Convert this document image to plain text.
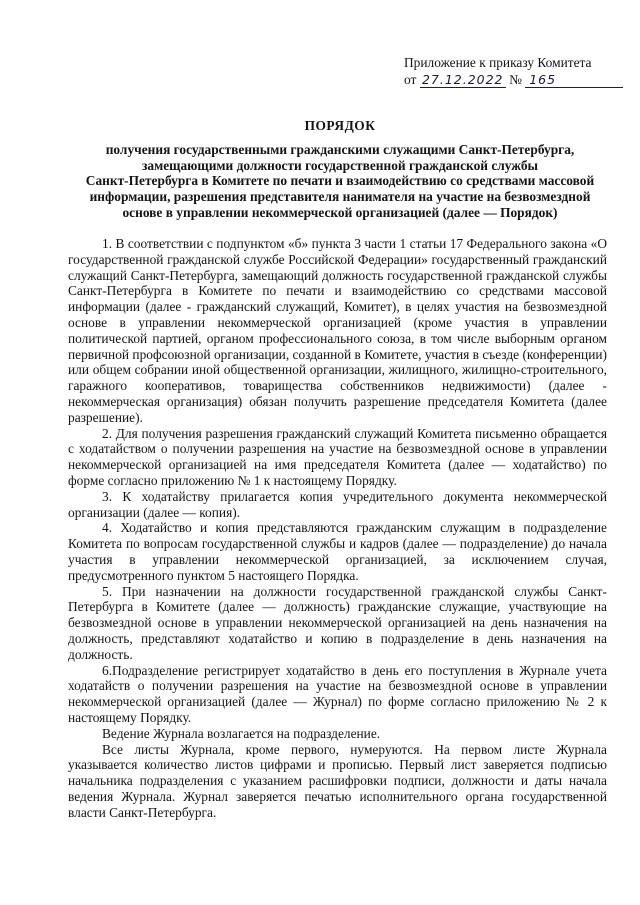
Приложение к приказу Комитета
от 27.12.2022 № 165
ПОРЯДОК
получения государственными гражданскими служащими Санкт-Петербурга,
замещающими должности государственной гражданской службы
Санкт-Петербурга в Комитете по печати и взаимодействию со средствами массовой
информации, разрешения представителя нанимателя на участие на безвозмездной
основе в управлении некоммерческой организацией (далее — Порядок)

1. В соответствии с подпунктом «б» пункта 3 части 1 статьи 17 Федерального закона «О государственной гражданской службе Российской Федерации» государственный гражданский служащий Санкт-Петербурга, замещающий должность государственной гражданской службы Санкт-Петербурга в Комитете по печати и взаимодействию со средствами массовой информации (далее - гражданский служащий, Комитет), в целях участия на безвозмездной основе в управлении некоммерческой организацией (кроме участия в управлении политической партией, органом профессионального союза, в том числе выборным органом первичной профсоюзной организации, созданной в Комитете, участия в съезде (конференции) или общем собрании иной общественной организации, жилищного, жилищно-строительного, гаражного кооперативов, товарищества собственников недвижимости) (далее - некоммерческая организация) обязан получить разрешение председателя Комитета (далее разрешение).

2. Для получения разрешения гражданский служащий Комитета письменно обращается с ходатайством о получении разрешения на участие на безвозмездной основе в управлении некоммерческой организацией на имя председателя Комитета (далее — ходатайство) по форме согласно приложению № 1 к настоящему Порядку.

3. К ходатайству прилагается копия учредительного документа некоммерческой организации (далее — копия).

4. Ходатайство и копия представляются гражданским служащим в подразделение Комитета по вопросам государственной службы и кадров (далее — подразделение) до начала участия в управлении некоммерческой организацией, за исключением случая, предусмотренного пунктом 5 настоящего Порядка.

5. При назначении на должности государственной гражданской службы Санкт-Петербурга в Комитете (далее — должность) гражданские служащие, участвующие на безвозмездной основе в управлении некоммерческой организацией на день назначения на должность, представляют ходатайство и копию в подразделение в день назначения на должность.

6.Подразделение регистрирует ходатайство в день его поступления в Журнале учета ходатайств о получении разрешения на участие на безвозмездной основе в управлении некоммерческой организацией (далее — Журнал) по форме согласно приложению № 2 к настоящему Порядку.

Ведение Журнала возлагается на подразделение.

Все листы Журнала, кроме первого, нумеруются. На первом листе Журнала указывается количество листов цифрами и прописью. Первый лист заверяется подписью начальника подразделения с указанием расшифровки подписи, должности и даты начала ведения Журнала. Журнал заверяется печатью исполнительного органа государственной власти Санкт-Петербурга.
